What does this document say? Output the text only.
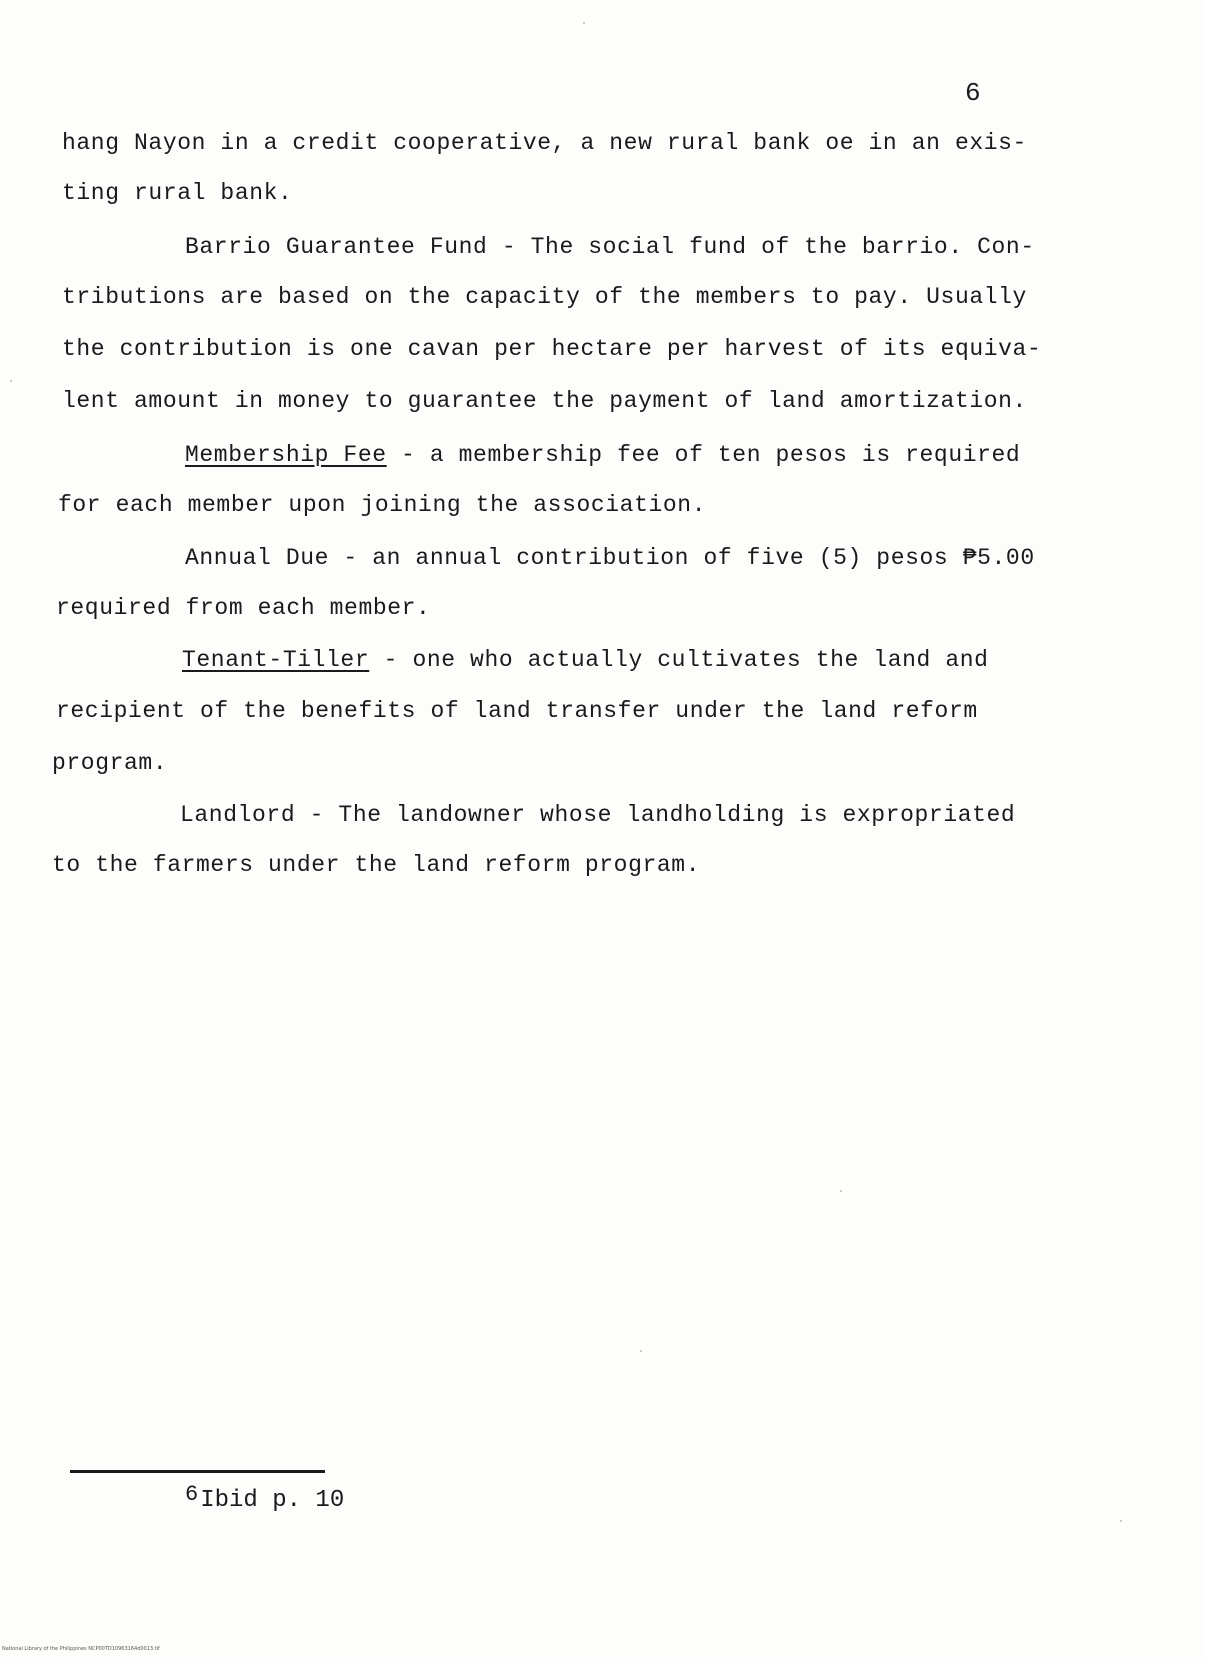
6
hang Nayon in a credit cooperative, a new rural bank oe in an exis-
ting rural bank.
Barrio Guarantee Fund - The social fund of the barrio. Con-
tributions are based on the capacity of the members to pay. Usually
the contribution is one cavan per hectare per harvest of its equiva-
lent amount in money to guarantee the payment of land amortization.
Membership Fee - a membership fee of ten pesos is required
for each member upon joining the association.
Annual Due - an annual contribution of five (5) pesos ₱5.00
required from each member.
Tenant-Tiller - one who actually cultivates the land and
recipient of the benefits of land transfer under the land reform
program.
Landlord - The landowner whose landholding is expropriated
to the farmers under the land reform program.
$^6$Ibid p. 10
National Library of the Philippines NCP00TD10963164d0013.tif
